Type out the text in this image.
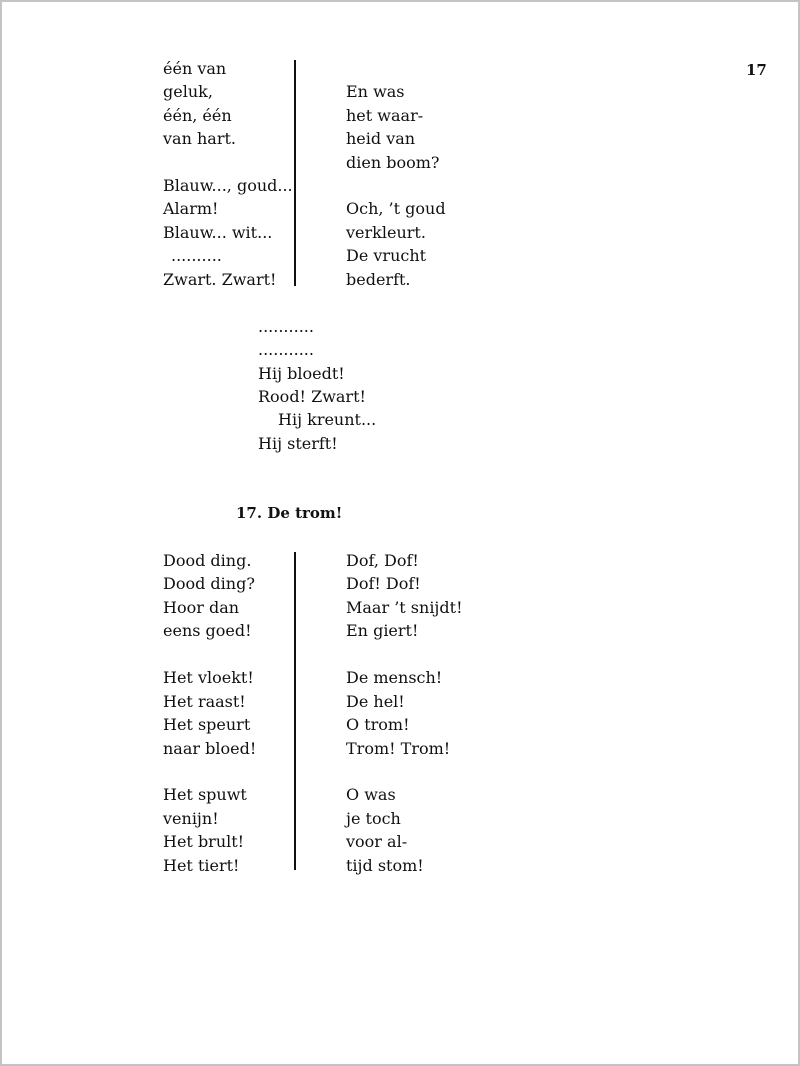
17
één van
geluk,
één, één
van hart.
Blauw..., goud...
Alarm!
Blauw... wit...
..........
Zwart. Zwart!
En was
het waar-
heid van
dien boom?
Och, ’t goud
verkleurt.
De vrucht
bederft.
...........
...........
Hij bloedt!
Rood! Zwart!
Hij kreunt...
Hij sterft!
17. De trom!
Dood ding.
Dood ding?
Hoor dan
eens goed!
Het vloekt!
Het raast!
Het speurt
naar bloed!
Het spuwt
venijn!
Het brult!
Het tiert!
Dof, Dof!
Dof! Dof!
Maar ’t snijdt!
En giert!
De mensch!
De hel!
O trom!
Trom! Trom!
O was
je toch
voor al-
tijd stom!
